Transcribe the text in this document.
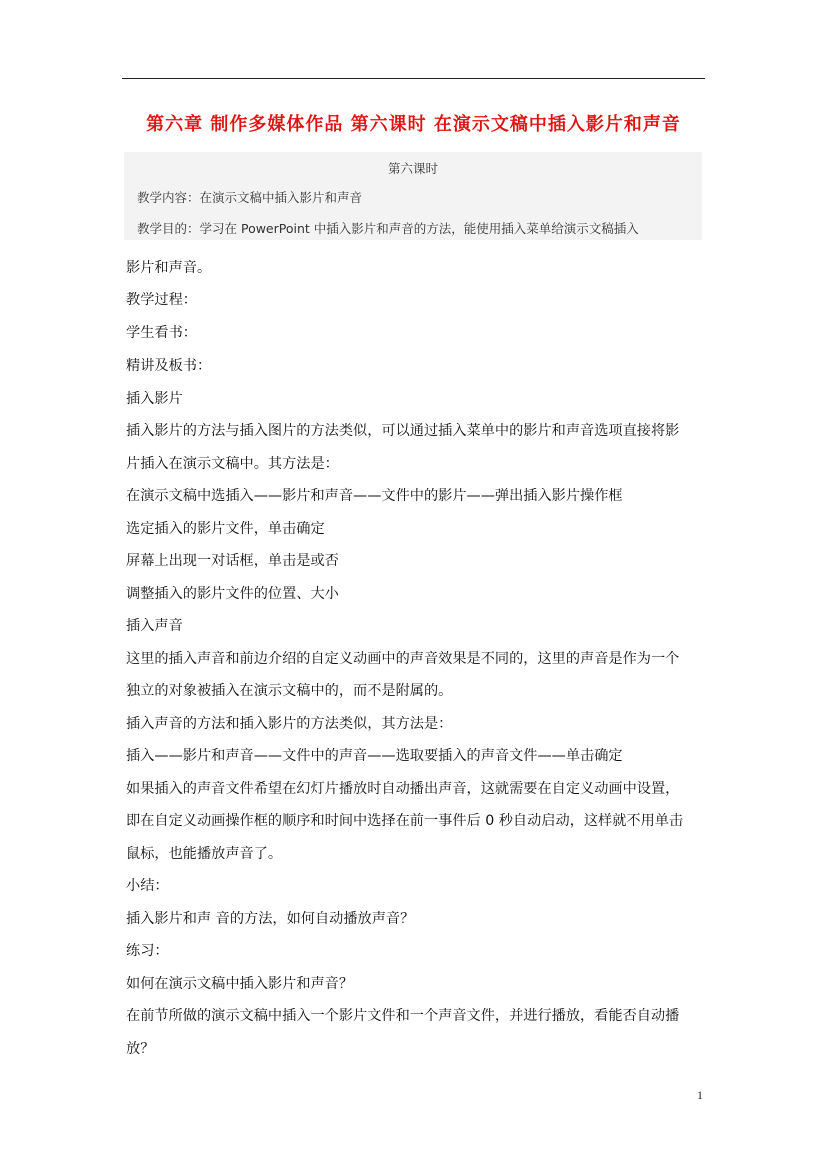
第六章 制作多媒体作品 第六课时 在演示文稿中插入影片和声音
第六课时
教学内容：在演示文稿中插入影片和声音
教学目的：学习在 PowerPoint 中插入影片和声音的方法，能使用插入菜单给演示文稿插入
影片和声音。
教学过程：
学生看书：
精讲及板书：
插入影片
插入影片的方法与插入图片的方法类似，可以通过插入菜单中的影片和声音选项直接将影
片插入在演示文稿中。其方法是：
在演示文稿中选插入——影片和声音——文件中的影片——弹出插入影片操作框
选定插入的影片文件，单击确定
屏幕上出现一对话框，单击是或否
调整插入的影片文件的位置、大小
插入声音
这里的插入声音和前边介绍的自定义动画中的声音效果是不同的，这里的声音是作为一个
独立的对象被插入在演示文稿中的，而不是附属的。
插入声音的方法和插入影片的方法类似，其方法是：
插入——影片和声音——文件中的声音——选取要插入的声音文件——单击确定
如果插入的声音文件希望在幻灯片播放时自动播出声音，这就需要在自定义动画中设置，
即在自定义动画操作框的顺序和时间中选择在前一事件后 0 秒自动启动，这样就不用单击
鼠标，也能播放声音了。
小结：
插入影片和声 音的方法，如何自动播放声音？
练习：
如何在演示文稿中插入影片和声音？
在前节所做的演示文稿中插入一个影片文件和一个声音文件，并进行播放，看能否自动播
放？
1
